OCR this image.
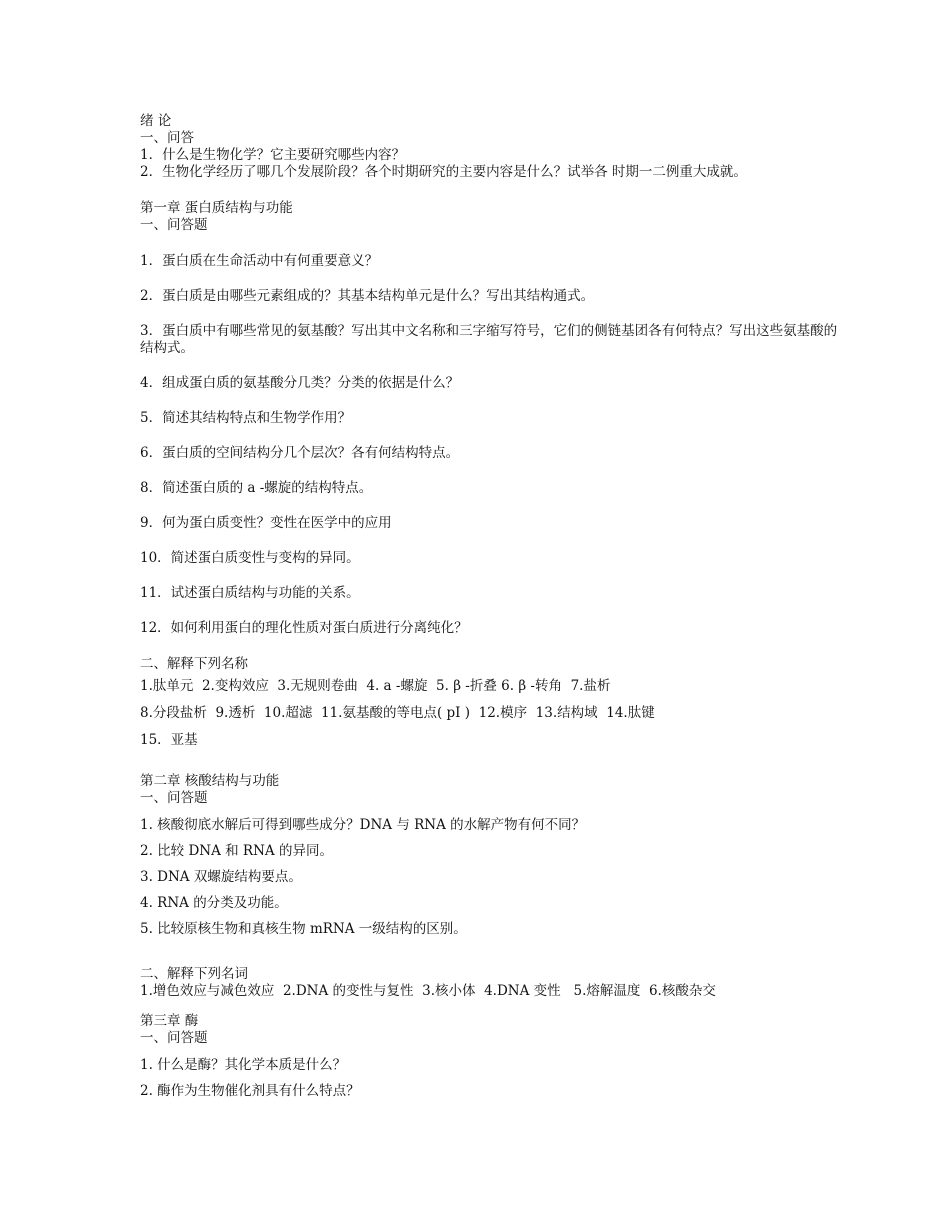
绪 论
一、问答
1．什么是生物化学？它主要研究哪些内容？
2．生物化学经历了哪几个发展阶段？各个时期研究的主要内容是什么？试举各 时期一二例重大成就。
第一章 蛋白质结构与功能
一、问答题
1．蛋白质在生命活动中有何重要意义？
2．蛋白质是由哪些元素组成的？其基本结构单元是什么？写出其结构通式。
3．蛋白质中有哪些常见的氨基酸？写出其中文名称和三字缩写符号，它们的侧链基团各有何特点？写出这些氨基酸的结构式。
4．组成蛋白质的氨基酸分几类？分类的依据是什么？
5．简述其结构特点和生物学作用？
6．蛋白质的空间结构分几个层次？各有何结构特点。
8．简述蛋白质的 a -螺旋的结构特点。
9．何为蛋白质变性？变性在医学中的应用
10．简述蛋白质变性与变构的异同。
11．试述蛋白质结构与功能的关系。
12．如何利用蛋白的理化性质对蛋白质进行分离纯化？
二、解释下列名称
1.肽单元  2.变构效应  3.无规则卷曲  4. a -螺旋  5. β -折叠 6. β -转角  7.盐析
8.分段盐析  9.透析  10.超滤  11.氨基酸的等电点( pI )  12.模序  13.结构域  14.肽键
15．亚基
第二章 核酸结构与功能
一、问答题
1. 核酸彻底水解后可得到哪些成分？DNA 与 RNA 的水解产物有何不同？
2. 比较 DNA 和 RNA 的异同。
3. DNA 双螺旋结构要点。
4. RNA 的分类及功能。
5. 比较原核生物和真核生物 mRNA 一级结构的区别。
二、解释下列名词
1.增色效应与减色效应  2.DNA 的变性与复性  3.核小体  4.DNA 变性   5.熔解温度  6.核酸杂交
第三章 酶
一、问答题
1. 什么是酶？其化学本质是什么？
2. 酶作为生物催化剂具有什么特点？
